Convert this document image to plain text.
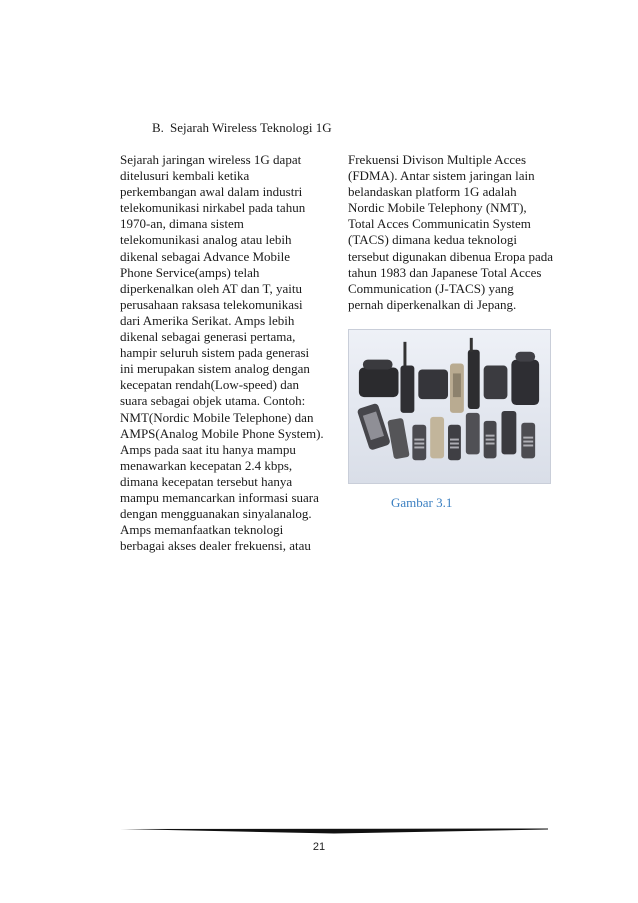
B. Sejarah Wireless Teknologi 1G
Sejarah jaringan wireless 1G dapat
ditelusuri kembali ketika
perkembangan awal dalam industri
telekomunikasi nirkabel pada tahun
1970-an, dimana sistem
telekomunikasi analog atau lebih
dikenal sebagai Advance Mobile
Phone Service(amps) telah
diperkenalkan oleh AT dan T, yaitu
perusahaan raksasa telekomunikasi
dari Amerika Serikat. Amps lebih
dikenal sebagai generasi pertama,
hampir seluruh sistem pada generasi
ini merupakan sistem analog dengan
kecepatan rendah(Low-speed) dan
suara sebagai objek utama. Contoh:
NMT(Nordic Mobile Telephone) dan
AMPS(Analog Mobile Phone System).
Amps pada saat itu hanya mampu
menawarkan kecepatan 2.4 kbps,
dimana kecepatan tersebut hanya
mampu memancarkan informasi suara
dengan mengguanakan sinyalanalog.
Amps memanfaatkan teknologi
berbagai akses dealer frekuensi, atau
Frekuensi Divison Multiple Acces
(FDMA). Antar sistem jaringan lain
belandaskan platform 1G adalah
Nordic Mobile Telephony (NMT),
Total Acces Communicatin System
(TACS) dimana kedua teknologi
tersebut digunakan dibenua Eropa pada
tahun 1983 dan Japanese Total Acces
Communication (J-TACS) yang
pernah diperkenalkan di Jepang.
Gambar 3.1
21
